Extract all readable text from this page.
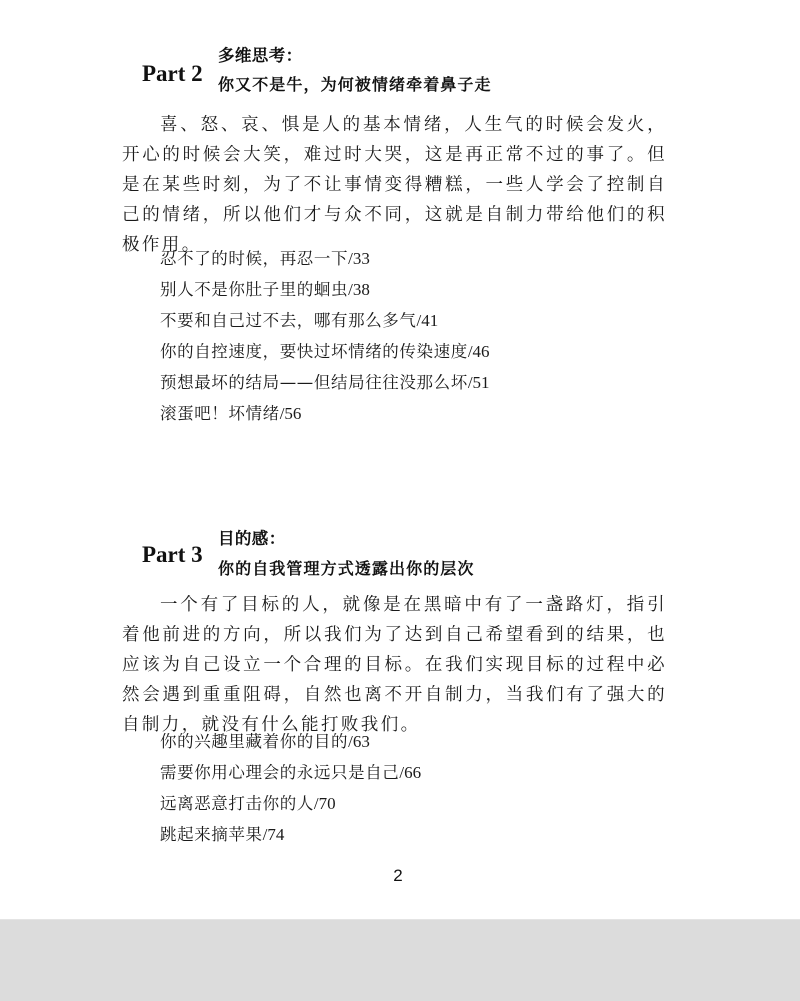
Part 2
多维思考：
你又不是牛，为何被情绪牵着鼻子走

喜、怒、哀、惧是人的基本情绪，人生气的时候会发火，开心的时候会大笑，难过时大哭，这是再正常不过的事了。但是在某些时刻，为了不让事情变得糟糕，一些人学会了控制自己的情绪，所以他们才与众不同，这就是自制力带给他们的积极作用。

忍不了的时候，再忍一下/33
别人不是你肚子里的蛔虫/38
不要和自己过不去，哪有那么多气/41
你的自控速度，要快过坏情绪的传染速度/46
预想最坏的结局——但结局往往没那么坏/51
滚蛋吧！坏情绪/56
Part 3
目的感：
你的自我管理方式透露出你的层次

一个有了目标的人，就像是在黑暗中有了一盏路灯，指引着他前进的方向，所以我们为了达到自己希望看到的结果，也应该为自己设立一个合理的目标。在我们实现目标的过程中必然会遇到重重阻碍，自然也离不开自制力，当我们有了强大的自制力，就没有什么能打败我们。

你的兴趣里藏着你的目的/63
需要你用心理会的永远只是自己/66
远离恶意打击你的人/70
跳起来摘苹果/74
2
